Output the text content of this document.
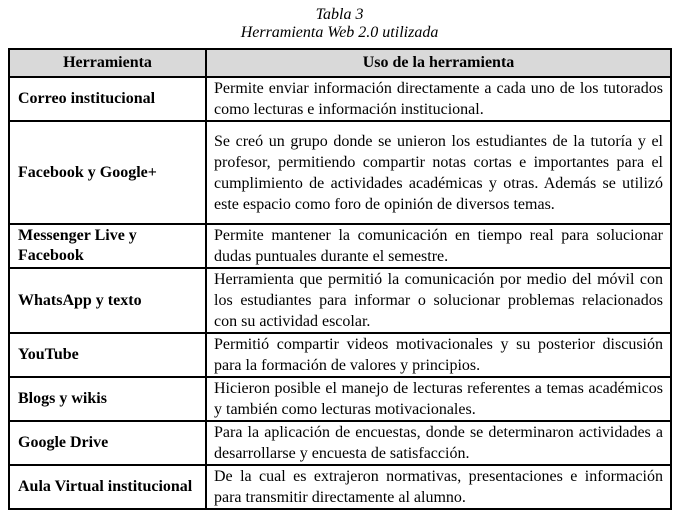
Tabla 3
Herramienta Web 2.0 utilizada
Herramienta	Uso de la herramienta
Correo institucional	Permite enviar información directamente a cada uno de los tutorados como lecturas e información institucional.
Facebook y Google+	Se creó un grupo donde se unieron los estudiantes de la tutoría y el profesor, permitiendo compartir notas cortas e importantes para el cumplimiento de actividades académicas y otras. Además se utilizó este espacio como foro de opinión de diversos temas.
Messenger Live y Facebook	Permite mantener la comunicación en tiempo real para solucionar dudas puntuales durante el semestre.
WhatsApp y texto	Herramienta que permitió la comunicación por medio del móvil con los estudiantes para informar o solucionar problemas relacionados con su actividad escolar.
YouTube	Permitió compartir videos motivacionales y su posterior discusión para la formación de valores y principios.
Blogs y wikis	Hicieron posible el manejo de lecturas referentes a temas académicos y también como lecturas motivacionales.
Google Drive	Para la aplicación de encuestas, donde se determinaron actividades a desarrollarse y encuesta de satisfacción.
Aula Virtual institucional	De la cual es extrajeron normativas, presentaciones e información para transmitir directamente al alumno.
